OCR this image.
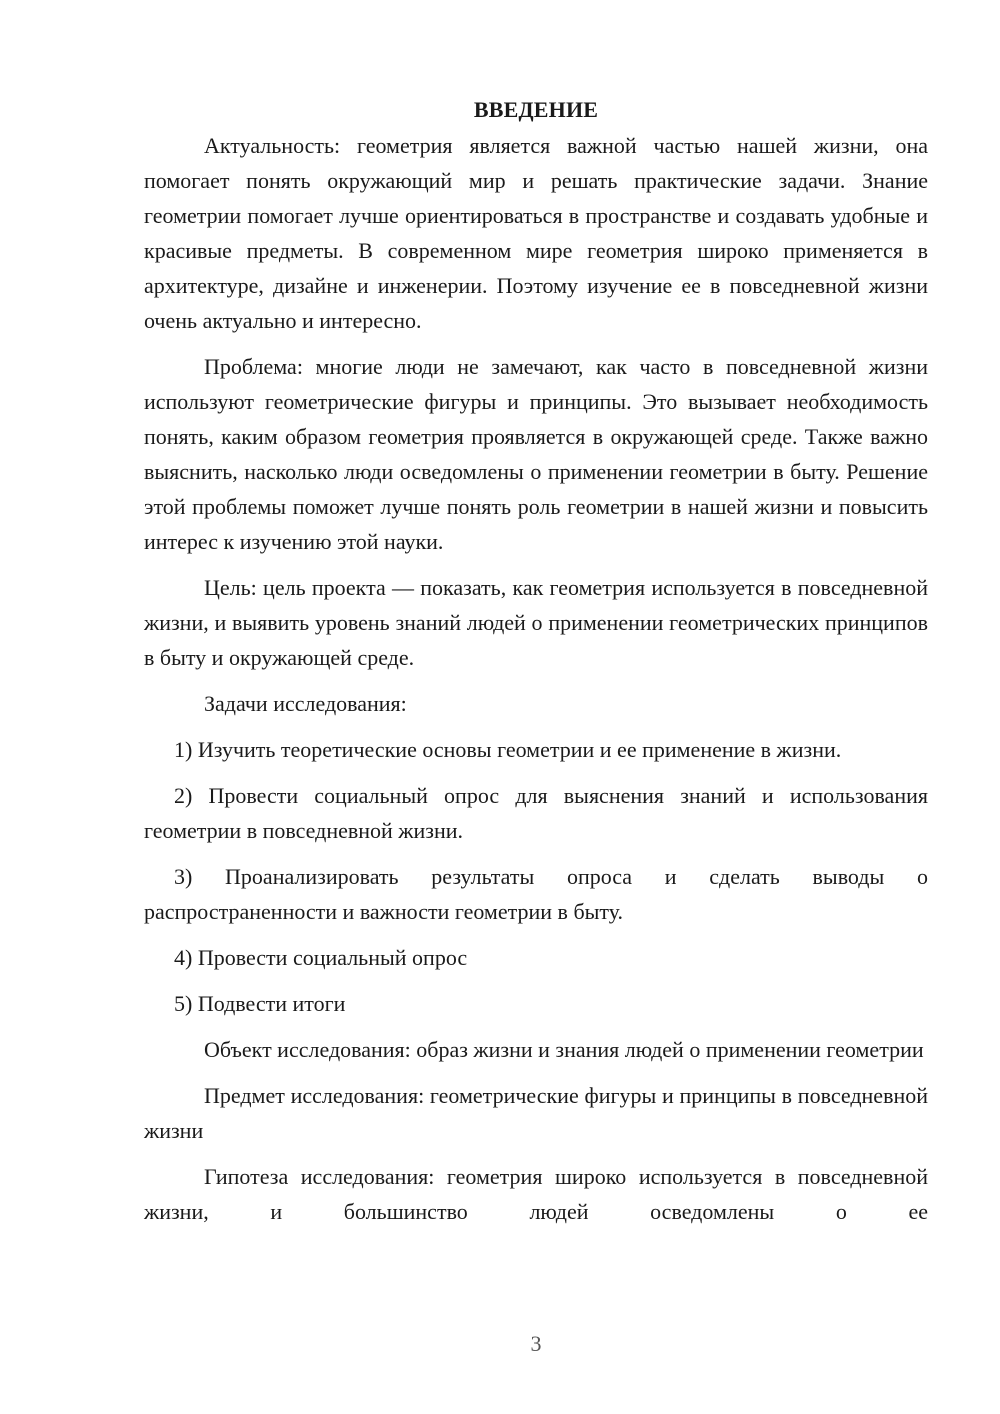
ВВЕДЕНИЕ

Актуальность: геометрия является важной частью нашей жизни, она помогает понять окружающий мир и решать практические задачи. Знание геометрии помогает лучше ориентироваться в пространстве и создавать удобные и красивые предметы. В современном мире геометрия широко применяется в архитектуре, дизайне и инженерии. Поэтому изучение ее в повседневной жизни очень актуально и интересно.

Проблема: многие люди не замечают, как часто в повседневной жизни используют геометрические фигуры и принципы. Это вызывает необходимость понять, каким образом геометрия проявляется в окружающей среде. Также важно выяснить, насколько люди осведомлены о применении геометрии в быту. Решение этой проблемы поможет лучше понять роль геометрии в нашей жизни и повысить интерес к изучению этой науки.

Цель: цель проекта — показать, как геометрия используется в повседневной жизни, и выявить уровень знаний людей о применении геометрических принципов в быту и окружающей среде.

Задачи исследования:

1) Изучить теоретические основы геометрии и ее применение в жизни.

2) Провести социальный опрос для выяснения знаний и использования геометрии в повседневной жизни.

3) Проанализировать результаты опроса и сделать выводы о распространенности и важности геометрии в быту.

4) Провести социальный опрос

5) Подвести итоги

Объект исследования: образ жизни и знания людей о применении геометрии

Предмет исследования: геометрические фигуры и принципы в повседневной жизни

Гипотеза исследования: геометрия широко используется в повседневной жизни, и большинство людей осведомлены о ее

3
